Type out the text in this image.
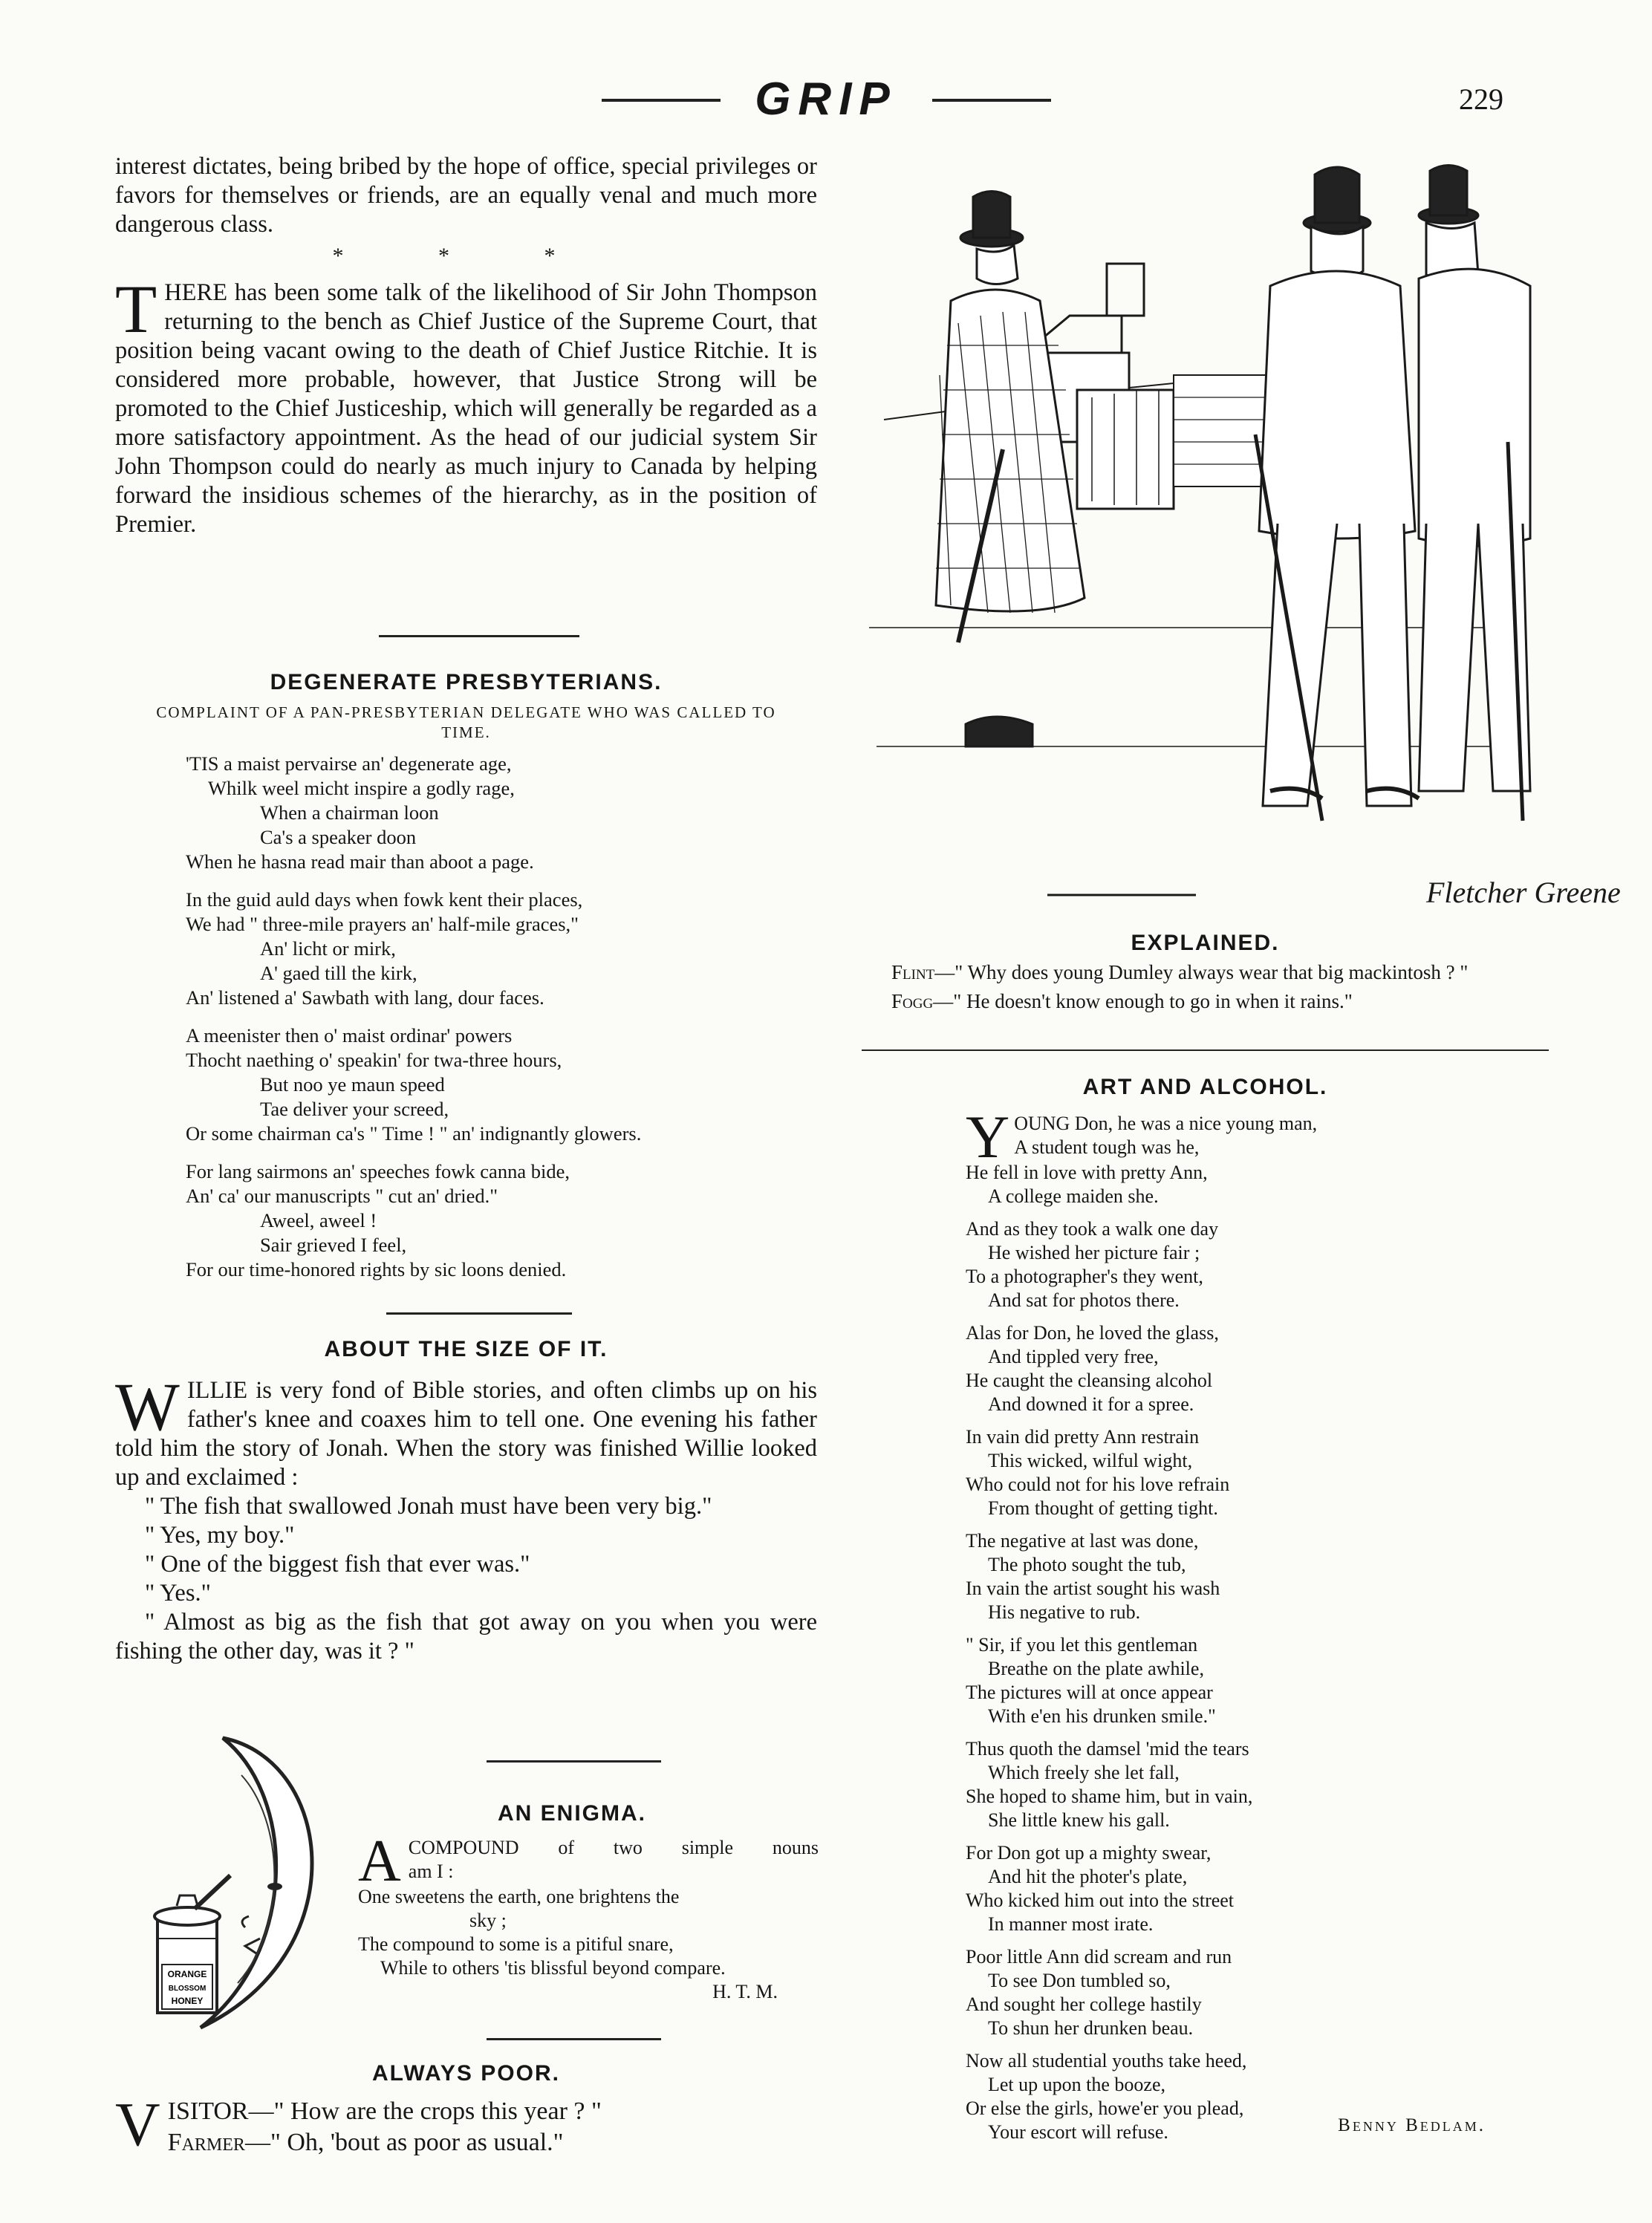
GRIP	229
interest dictates, being bribed by the hope of office, special privileges or favors for themselves or friends, are an equally venal and much more dangerous class.
* * *
THERE has been some talk of the likelihood of Sir John Thompson returning to the bench as Chief Justice of the Supreme Court, that position being vacant owing to the death of Chief Justice Ritchie. It is considered more probable, however, that Justice Strong will be promoted to the Chief Justiceship, which will generally be regarded as a more satisfactory appointment. As the head of our judicial system Sir John Thompson could do nearly as much injury to Canada by helping forward the insidious schemes of the hierarchy, as in the position of Premier.
DEGENERATE PRESBYTERIANS.
COMPLAINT OF A PAN-PRESBYTERIAN DELEGATE WHO WAS CALLED TO TIME.
'TIS a maist pervairse an' degenerate age,
Whilk weel micht inspire a godly rage,
When a chairman loon
Ca's a speaker doon
When he hasna read mair than aboot a page.
In the guid auld days when fowk kent their places,
We had " three-mile prayers an' half-mile graces,"
An' licht or mirk,
A' gaed till the kirk,
An' listened a' Sawbath with lang, dour faces.
A meenister then o' maist ordinar' powers
Thocht naething o' speakin' for twa-three hours,
But noo ye maun speed
Tae deliver your screed,
Or some chairman ca's " Time ! " an' indignantly glowers.
For lang sairmons an' speeches fowk canna bide,
An' ca' our manuscripts " cut an' dried."
Aweel, aweel !
Sair grieved I feel,
For our time-honored rights by sic loons denied.
ABOUT THE SIZE OF IT.

WILLIE is very fond of Bible stories, and often climbs up on his father's knee and coaxes him to tell one. One evening his father told him the story of Jonah. When the story was finished Willie looked up and exclaimed :

" The fish that swallowed Jonah must have been very big."

" Yes, my boy."

" One of the biggest fish that ever was."

" Yes."

" Almost as big as the fish that got away on you when you were fishing the other day, was it ? "

ORANGE
BLOSSOM
HONEY
AN ENIGMA.
A COMPOUND of two simple nouns
am I :
One sweetens the earth, one brightens the
sky ;
The compound to some is a pitiful snare,
While to others 'tis blissful beyond compare.
H. T. M.
ALWAYS POOR.
V ISITOR—" How are the crops this year ? "
Farmer—" Oh, 'bout as poor as usual."
Fletcher Greene
EXPLAINED.

Flint—" Why does young Dumley always wear that big mackintosh ? "

Fogg—" He doesn't know enough to go in when it rains."

ART AND ALCOHOL.
Y OUNG Don, he was a nice young man,
A student tough was he,
He fell in love with pretty Ann,
A college maiden she.
And as they took a walk one day
He wished her picture fair ;
To a photographer's they went,
And sat for photos there.
Alas for Don, he loved the glass,
And tippled very free,
He caught the cleansing alcohol
And downed it for a spree.
In vain did pretty Ann restrain
This wicked, wilful wight,
Who could not for his love refrain
From thought of getting tight.
The negative at last was done,
The photo sought the tub,
In vain the artist sought his wash
His negative to rub.
" Sir, if you let this gentleman
Breathe on the plate awhile,
The pictures will at once appear
With e'en his drunken smile."
Thus quoth the damsel 'mid the tears
Which freely she let fall,
She hoped to shame him, but in vain,
She little knew his gall.
For Don got up a mighty swear,
And hit the photer's plate,
Who kicked him out into the street
In manner most irate.
Poor little Ann did scream and run
To see Don tumbled so,
And sought her college hastily
To shun her drunken beau.
Now all studential youths take heed,
Let up upon the booze,
Or else the girls, howe'er you plead,
Your escort will refuse.	Benny Bedlam.
